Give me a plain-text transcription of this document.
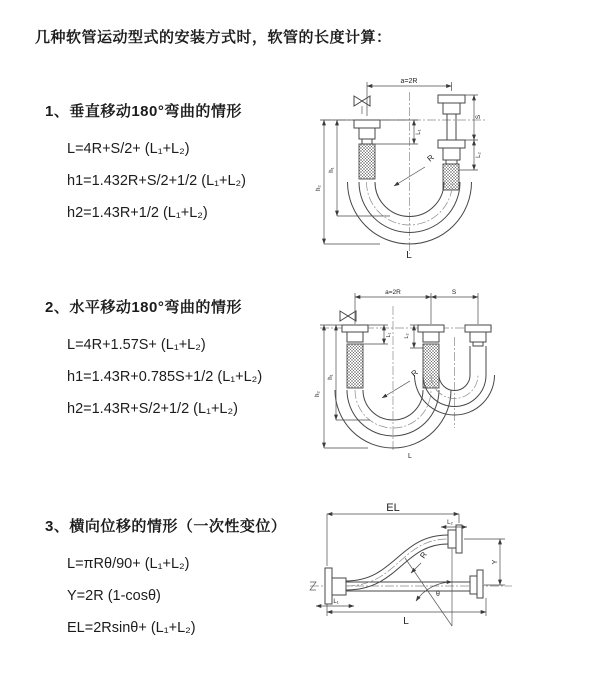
几种软管运动型式的安装方式时，软管的长度计算：
1、垂直移动180°弯曲的情形
L=4R+S/2+ (L₁+L₂)
h1=1.432R+S/2+1/2 (L₁+L₂)
h2=1.43R+1/2 (L₁+L₂)
2、水平移动180°弯曲的情形
L=4R+1.57S+ (L₁+L₂)
h1=1.43R+0.785S+1/2 (L₁+L₂)
h2=1.43R+S/2+1/2 (L₁+L₂)
3、横向位移的情形（一次性变位）
L=πRθ/90+ (L₁+L₂)
Y=2R (1-cosθ)
EL=2Rsinθ+ (L₁+L₂)
a=2R
h₁
h₂
S
L₂
L₁
R
L
a=2R	S
h₁
h₂
L₁ L₂
R
L
EL
L₂
Y
θ
R
L
L₁
